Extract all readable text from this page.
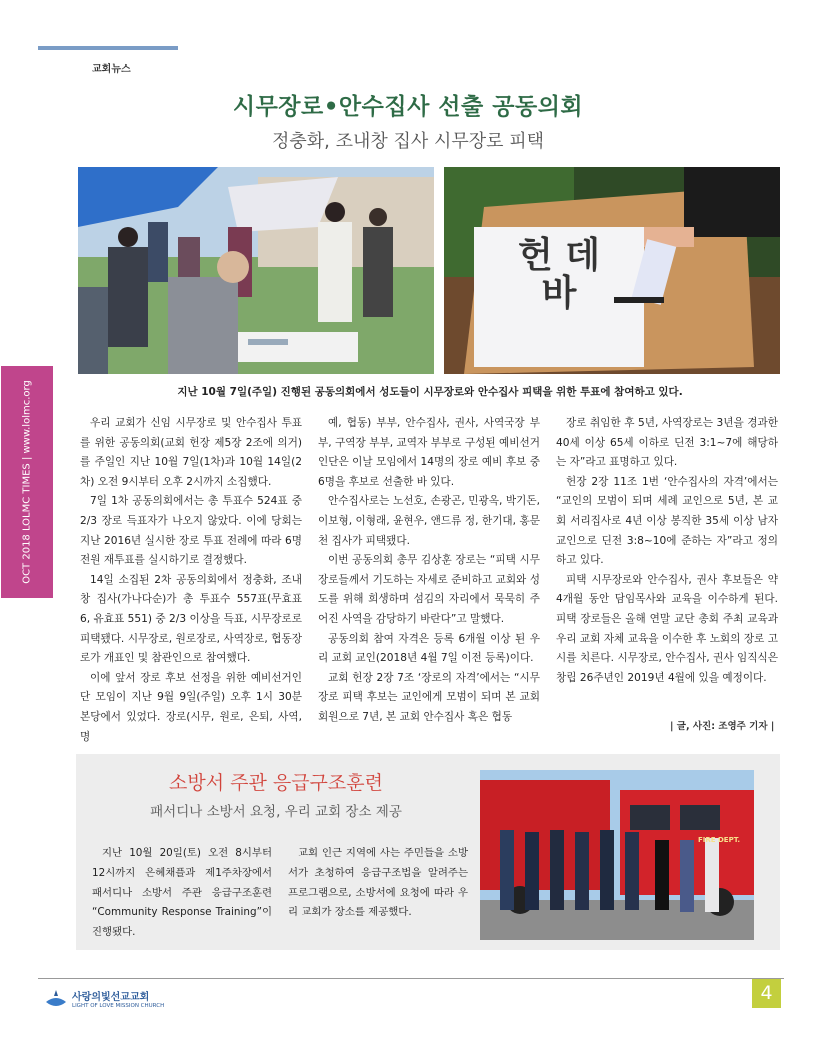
교회뉴스
시무장로•안수집사 선출 공동의회
정충화, 조내창 집사 시무장로 피택
헌 데 바
지난 10월 7일(주일) 진행된 공동의회에서 성도들이 시무장로와 안수집사 피택을 위한 투표에 참여하고 있다.
OCT 2018 LOLMC TIMES | www.lolmc.org	우리 교회가 신임 시무장로 및 안수집사 투표를 위한 공동의회(교회 헌장 제5장 2조에 의거)를 주일인 지난 10월 7일(1차)과 10월 14일(2차) 오전 9시부터 오후 2시까지 소집했다.

7일 1차 공동의회에서는 총 투표수 524표 중 2/3 장로 득표자가 나오지 않았다. 이에 당회는 지난 2016년 실시한 장로 투표 전례에 따라 6명 전원 재투표를 실시하기로 결정했다.

14일 소집된 2차 공동의회에서 정충화, 조내창 집사(가나다순)가 총 투표수 557표(무효표 6, 유효표 551) 중 2/3 이상을 득표, 시무장로로 피택됐다. 시무장로, 원로장로, 사역장로, 협동장로가 개표인 및 참관인으로 참여했다.

이에 앞서 장로 후보 선정을 위한 예비선거인단 모임이 지난 9월 9일(주일) 오후 1시 30분 본당에서 있었다. 장로(시무, 원로, 은퇴, 사역, 명

예, 협동) 부부, 안수집사, 권사, 사역국장 부부, 구역장 부부, 교역자 부부로 구성된 예비선거인단은 이날 모임에서 14명의 장로 예비 후보 중 6명을 후보로 선출한 바 있다.

안수집사로는 노선호, 손광곤, 민광옥, 박기돈, 이보형, 이형래, 윤현우, 앤드류 정, 한기대, 홍문천 집사가 피택됐다.

이번 공동의회 총무 김상훈 장로는 “피택 시무장로들께서 기도하는 자세로 준비하고 교회와 성도를 위해 희생하며 섬김의 자리에서 묵묵히 주어진 사역을 감당하기 바란다”고 말했다.

공동의회 참여 자격은 등록 6개월 이상 된 우리 교회 교인(2018년 4월 7일 이전 등록)이다.

교회 헌장 2장 7조 ‘장로의 자격’에서는 “시무장로 피택 후보는 교인에게 모범이 되며 본 교회 회원으로 7년, 본 교회 안수집사 혹은 협동

장로 취임한 후 5년, 사역장로는 3년을 경과한 40세 이상 65세 이하로 딘전 3:1~7에 해당하는 자”라고 표명하고 있다.

헌장 2장 11조 1번 ‘안수집사의 자격’에서는 “교인의 모범이 되며 세례 교인으로 5년, 본 교회 서리집사로 4년 이상 봉직한 35세 이상 남자 교인으로 딘전 3:8~10에 준하는 자”라고 정의하고 있다.

피택 시무장로와 안수집사, 권사 후보들은 약 4개월 동안 담임목사와 교육을 이수하게 된다. 피택 장로들은 올해 연말 교단 총회 주최 교육과 우리 교회 자체 교육을 이수한 후 노회의 장로 고시를 치른다. 시무장로, 안수집사, 권사 임직식은 창립 26주년인 2019년 4월에 있을 예정이다.

| 글, 사진: 조영주 기자 |
소방서 주관 응급구조훈련
패서디나 소방서 요청, 우리 교회 장소 제공

지난 10월 20일(토) 오전 8시부터 12시까지 은혜채플과 제1주차장에서 패서디나 소방서 주관 응급구조훈련 “Community Response Training”이 진행됐다.

교회 인근 지역에 사는 주민들을 소방서가 초청하여 응급구조법을 알려주는 프로그램으로, 소방서에 요청에 따라 우리 교회가 장소를 제공했다.

FIRE DEPT.
사랑의빛선교교회
LIGHT OF LOVE MISSION CHURCH
4
